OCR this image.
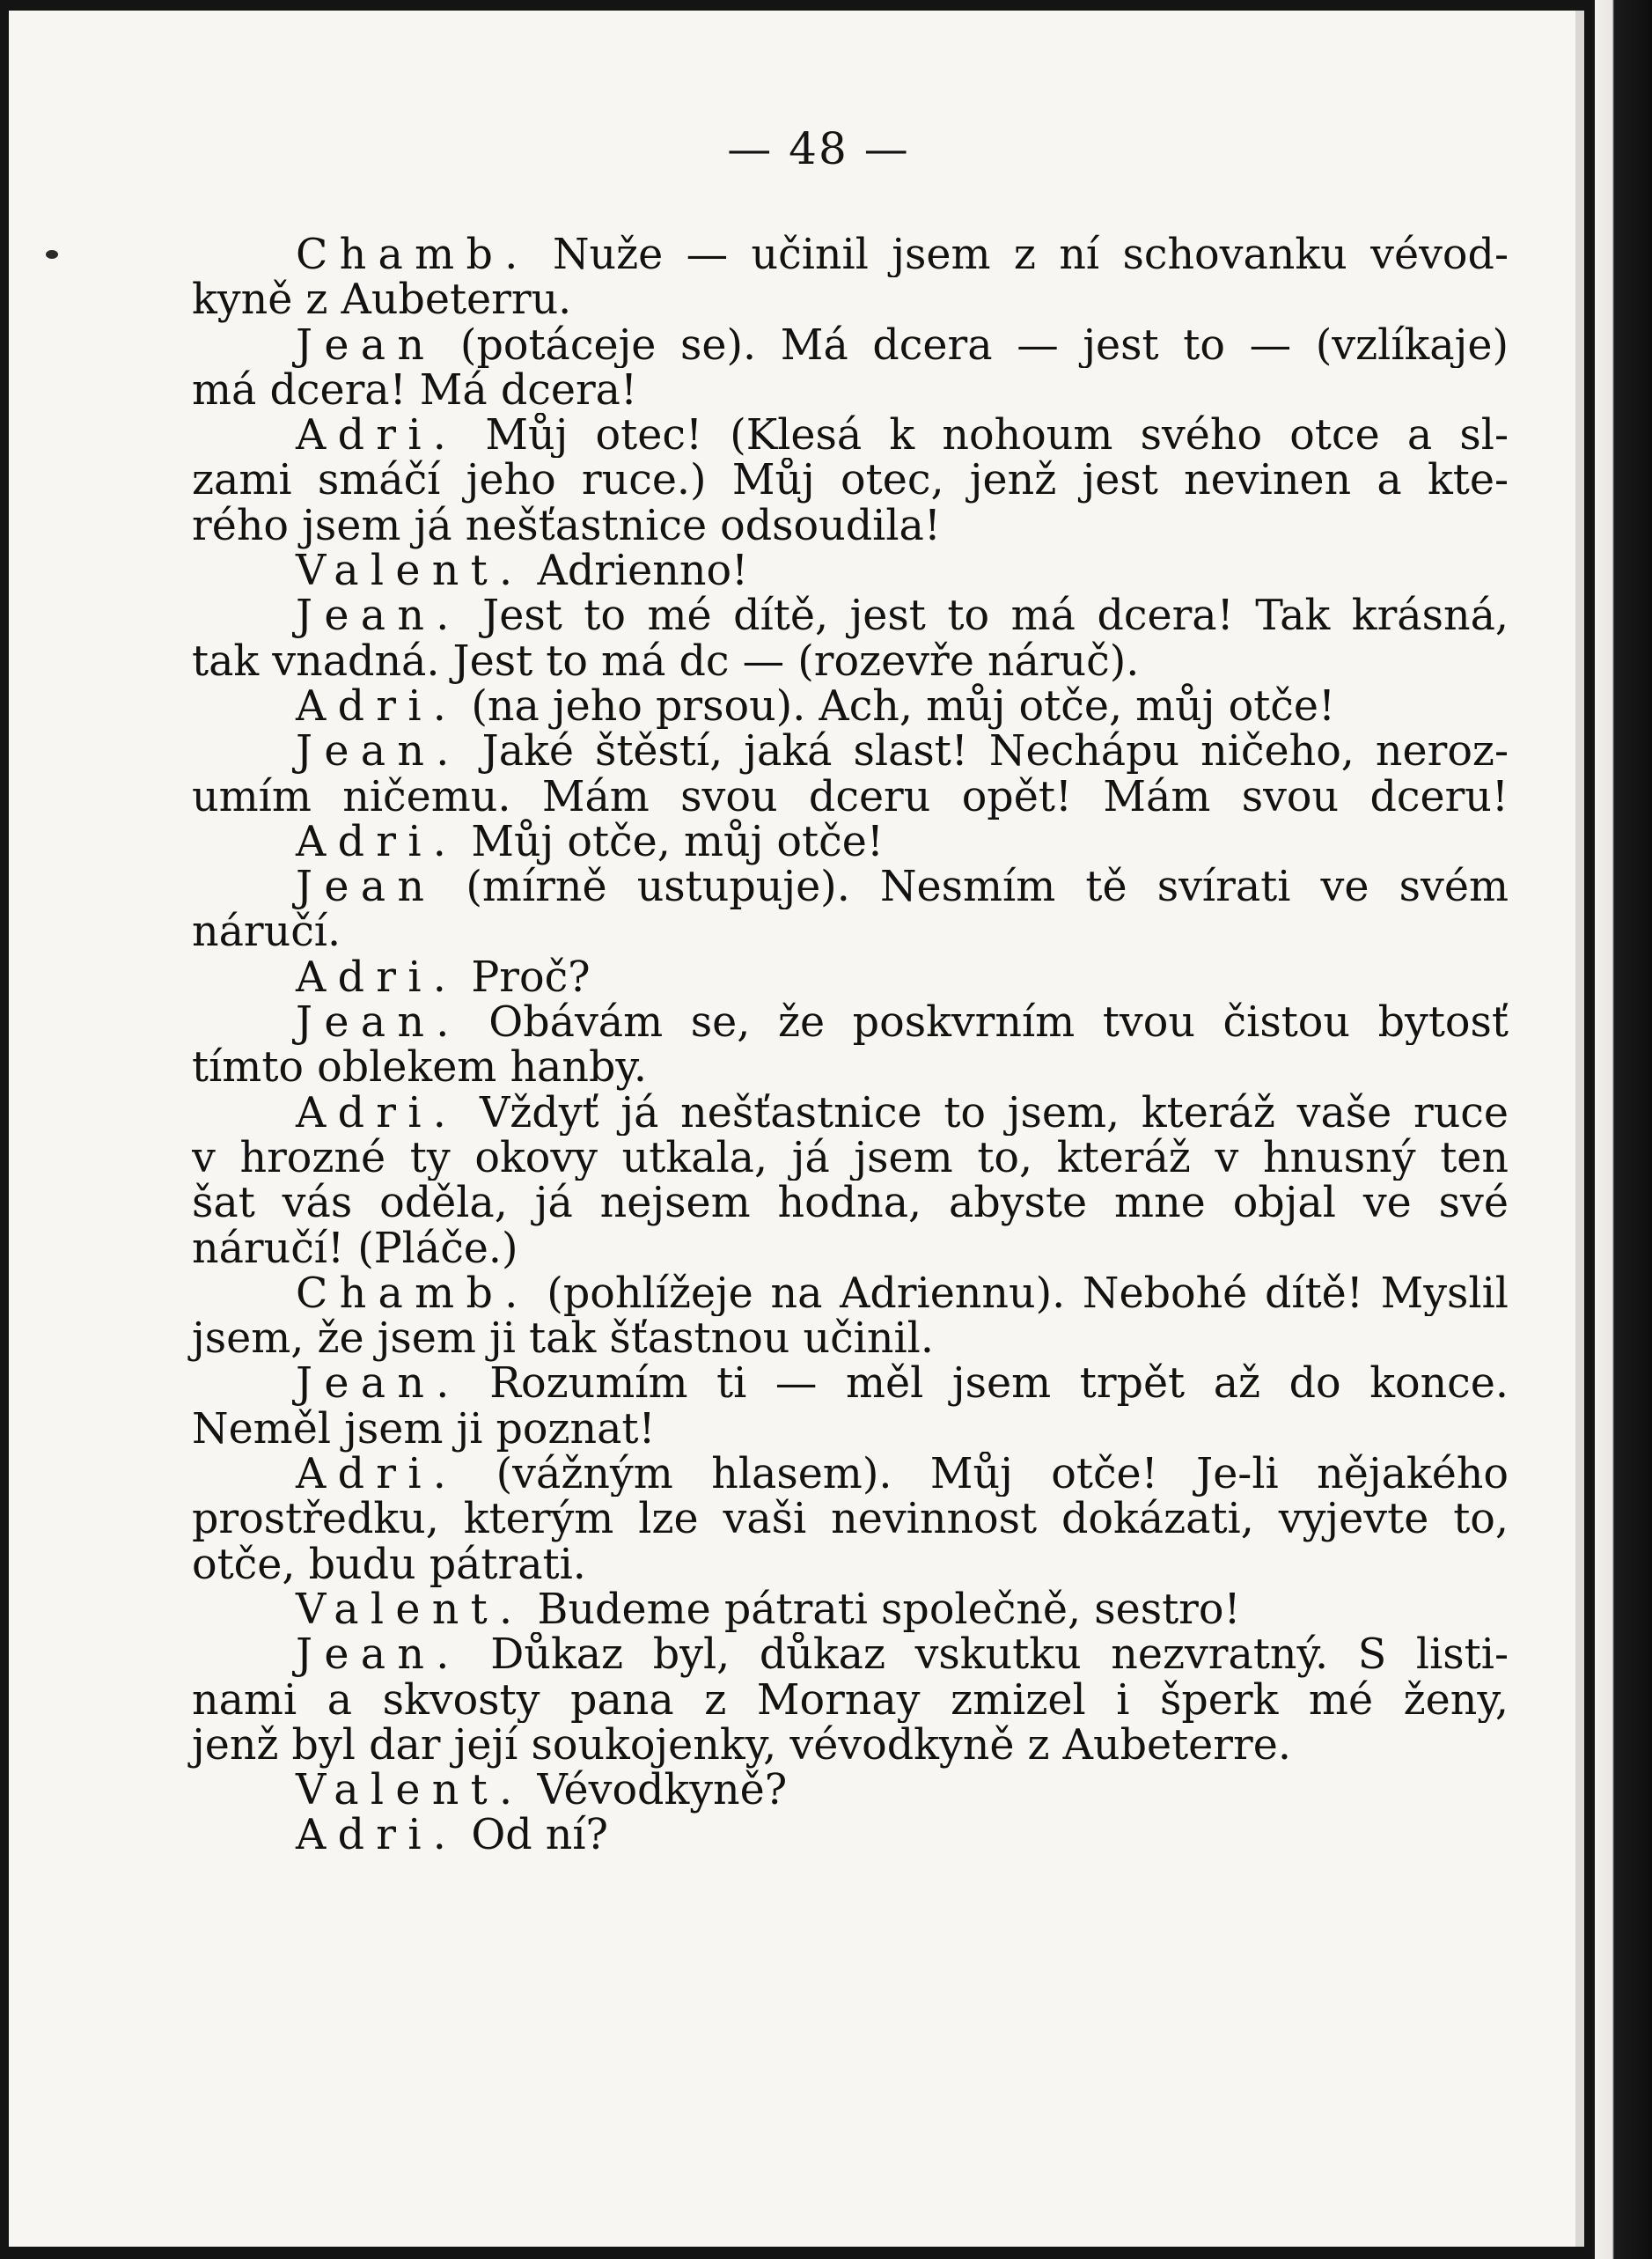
— 48 —
Chamb. Nuže — učinil jsem z ní schovanku vévod-
kyně z Aubeterru.
Jean (potáceje se). Má dcera — jest to — (vzlíkaje)
má dcera! Má dcera!
Adri. Můj otec! (Klesá k nohoum svého otce a sl-
zami smáčí jeho ruce.) Můj otec, jenž jest nevinen a kte-
rého jsem já nešťastnice odsoudila!
Valent. Adrienno!
Jean. Jest to mé dítě, jest to má dcera! Tak krásná,
tak vnadná. Jest to má dc — (rozevře náruč).
Adri. (na jeho prsou). Ach, můj otče, můj otče!
Jean. Jaké štěstí, jaká slast! Nechápu ničeho, neroz-
umím ničemu. Mám svou dceru opět! Mám svou dceru!
Adri. Můj otče, můj otče!
Jean (mírně ustupuje). Nesmím tě svírati ve svém
náručí.
Adri. Proč?
Jean. Obávám se, že poskvrním tvou čistou bytosť
tímto oblekem hanby.
Adri. Vždyť já nešťastnice to jsem, kteráž vaše ruce
v hrozné ty okovy utkala, já jsem to, kteráž v hnusný ten
šat vás oděla, já nejsem hodna, abyste mne objal ve své
náručí! (Pláče.)
Chamb. (pohlížeje na Adriennu). Nebohé dítě! Myslil
jsem, že jsem ji tak šťastnou učinil.
Jean. Rozumím ti — měl jsem trpět až do konce.
Neměl jsem ji poznat!
Adri. (vážným hlasem). Můj otče! Je-li nějakého
prostředku, kterým lze vaši nevinnost dokázati, vyjevte to,
otče, budu pátrati.
Valent. Budeme pátrati společně, sestro!
Jean. Důkaz byl, důkaz vskutku nezvratný. S listi-
nami a skvosty pana z Mornay zmizel i šperk mé ženy,
jenž byl dar její soukojenky, vévodkyně z Aubeterre.
Valent. Vévodkyně?
Adri. Od ní?
